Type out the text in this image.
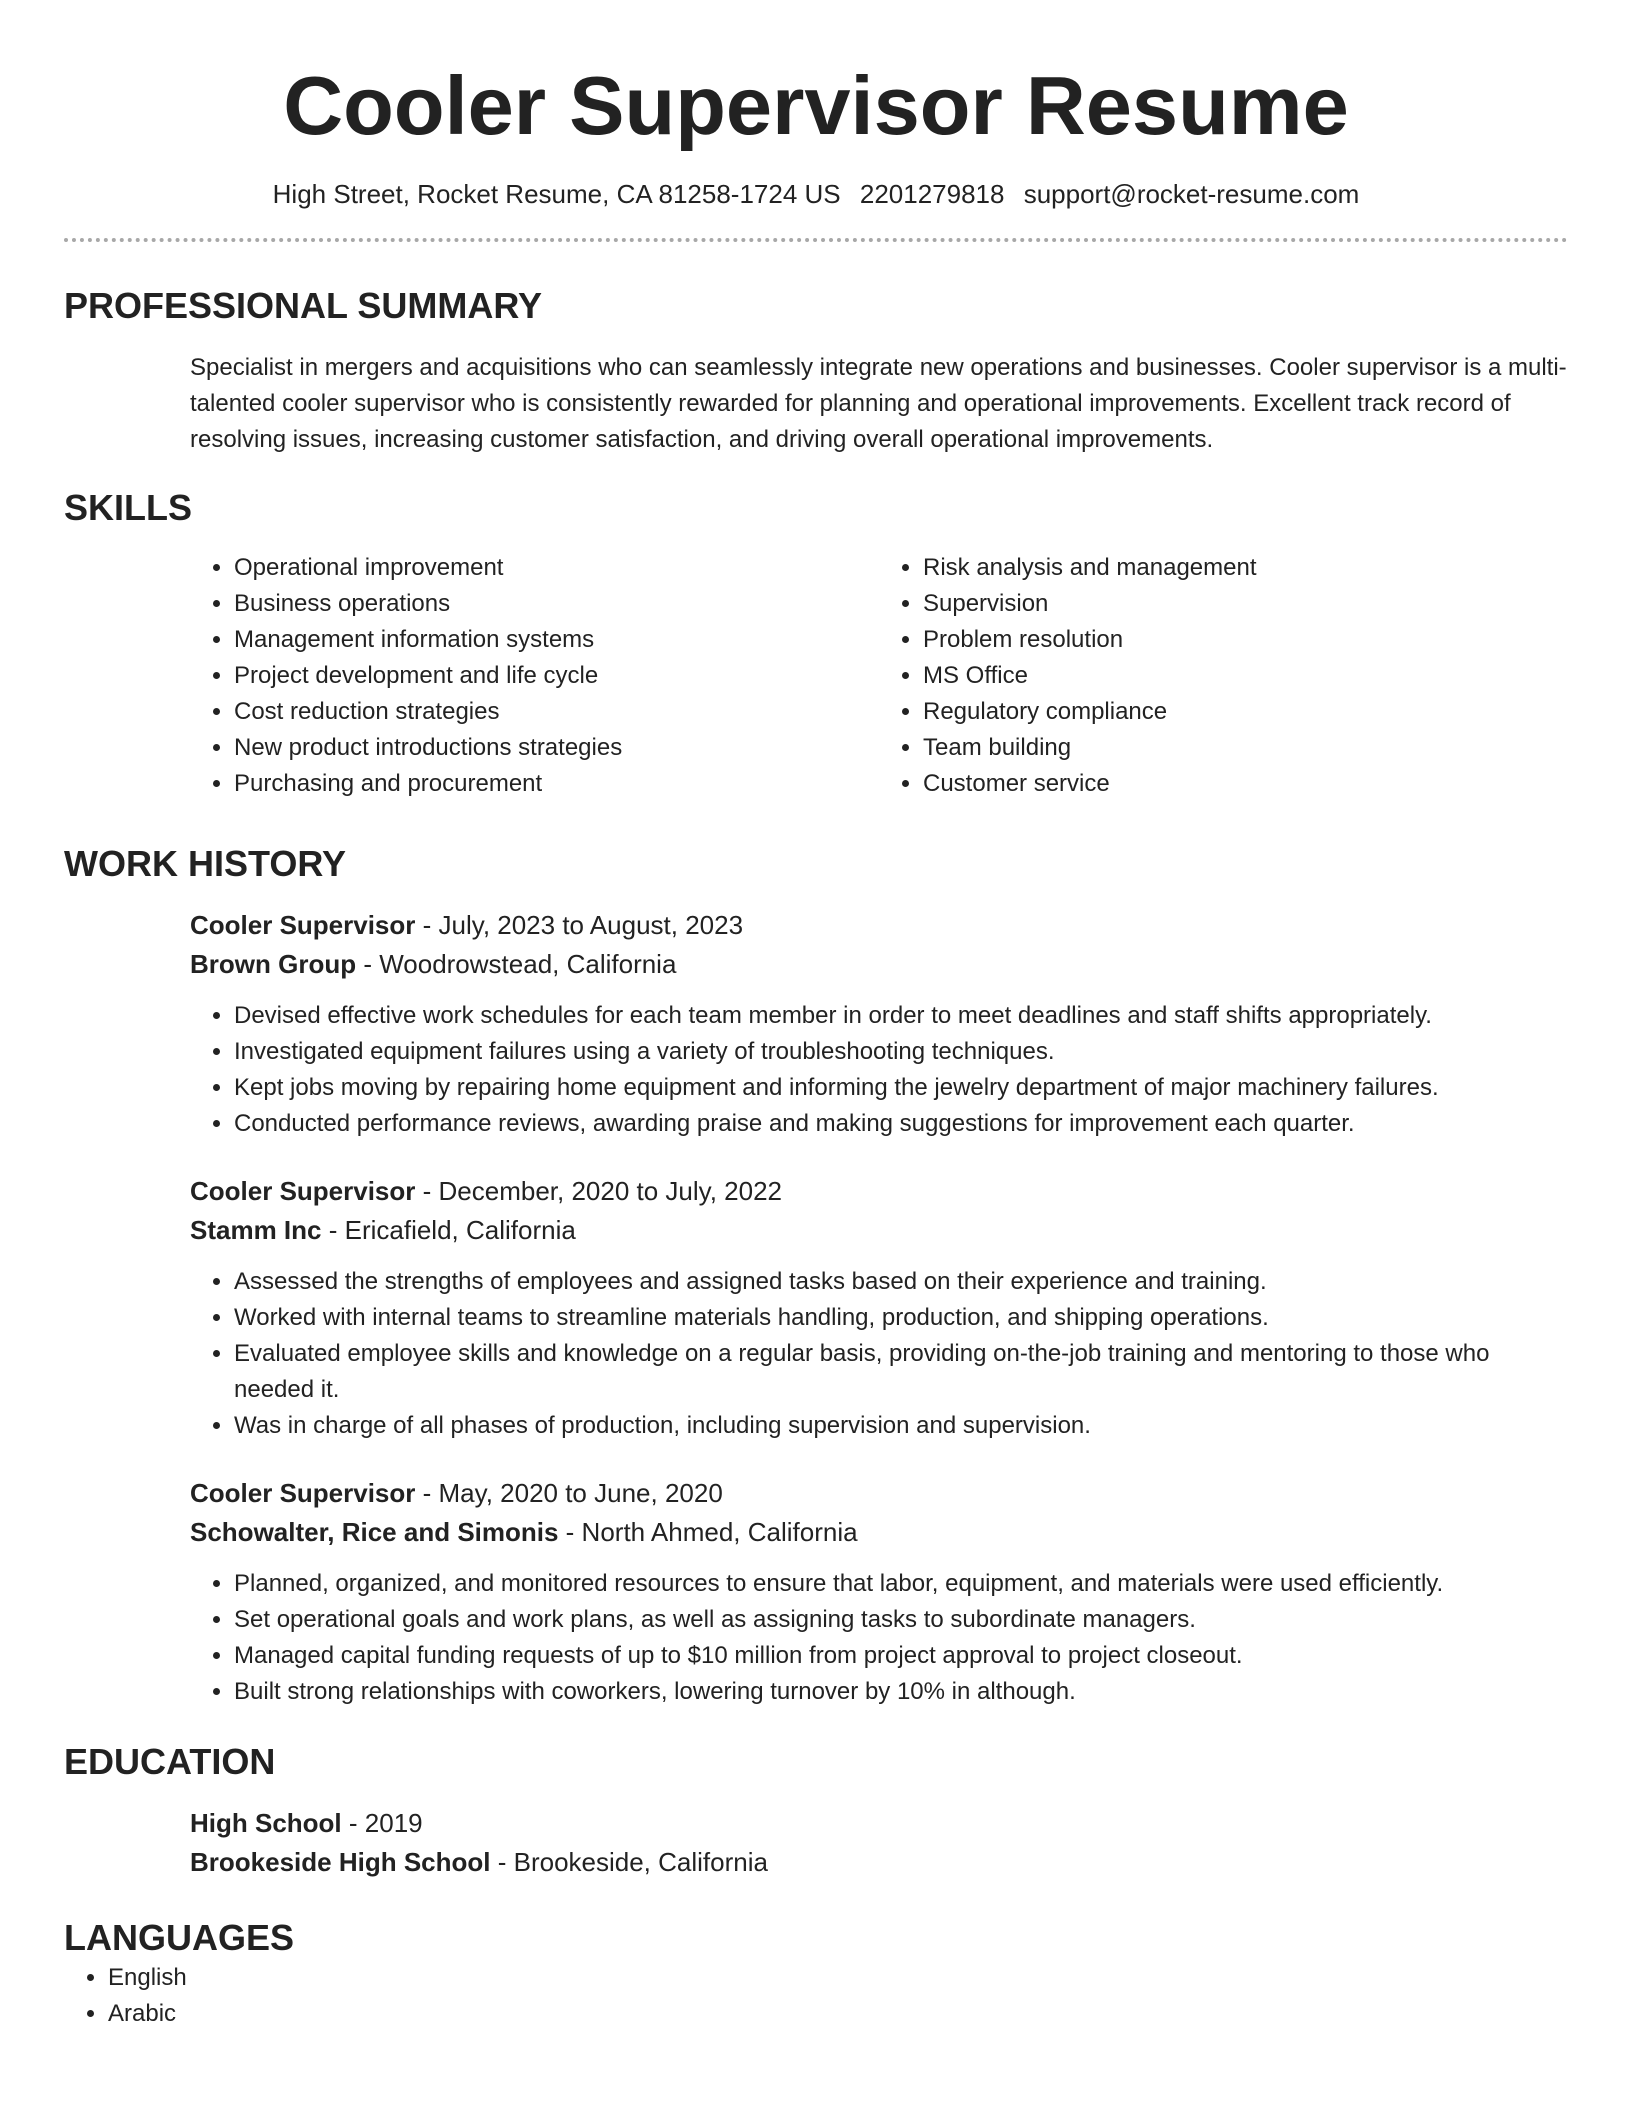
Cooler Supervisor Resume
High Street, Rocket Resume, CA 81258-1724 US 2201279818 support@rocket-resume.com
PROFESSIONAL SUMMARY

Specialist in mergers and acquisitions who can seamlessly integrate new operations and businesses. Cooler supervisor is a multi-talented cooler supervisor who is consistently rewarded for planning and operational improvements. Excellent track record of resolving issues, increasing customer satisfaction, and driving overall operational improvements.

SKILLS
• Operational improvement
• Business operations
• Management information systems
• Project development and life cycle
• Cost reduction strategies
• New product introductions strategies
• Purchasing and procurement
• Risk analysis and management
• Supervision
• Problem resolution
• MS Office
• Regulatory compliance
• Team building
• Customer service
WORK HISTORY
Cooler Supervisor - July, 2023 to August, 2023
Brown Group - Woodrowstead, California
• Devised effective work schedules for each team member in order to meet deadlines and staff shifts appropriately.
• Investigated equipment failures using a variety of troubleshooting techniques.
• Kept jobs moving by repairing home equipment and informing the jewelry department of major machinery failures.
• Conducted performance reviews, awarding praise and making suggestions for improvement each quarter.
Cooler Supervisor - December, 2020 to July, 2022
Stamm Inc - Ericafield, California
• Assessed the strengths of employees and assigned tasks based on their experience and training.
• Worked with internal teams to streamline materials handling, production, and shipping operations.
• Evaluated employee skills and knowledge on a regular basis, providing on-the-job training and mentoring to those who needed it.
• Was in charge of all phases of production, including supervision and supervision.
Cooler Supervisor - May, 2020 to June, 2020
Schowalter, Rice and Simonis - North Ahmed, California
• Planned, organized, and monitored resources to ensure that labor, equipment, and materials were used efficiently.
• Set operational goals and work plans, as well as assigning tasks to subordinate managers.
• Managed capital funding requests of up to $10 million from project approval to project closeout.
• Built strong relationships with coworkers, lowering turnover by 10% in although.
EDUCATION
High School - 2019
Brookeside High School - Brookeside, California
LANGUAGES
• English
• Arabic
